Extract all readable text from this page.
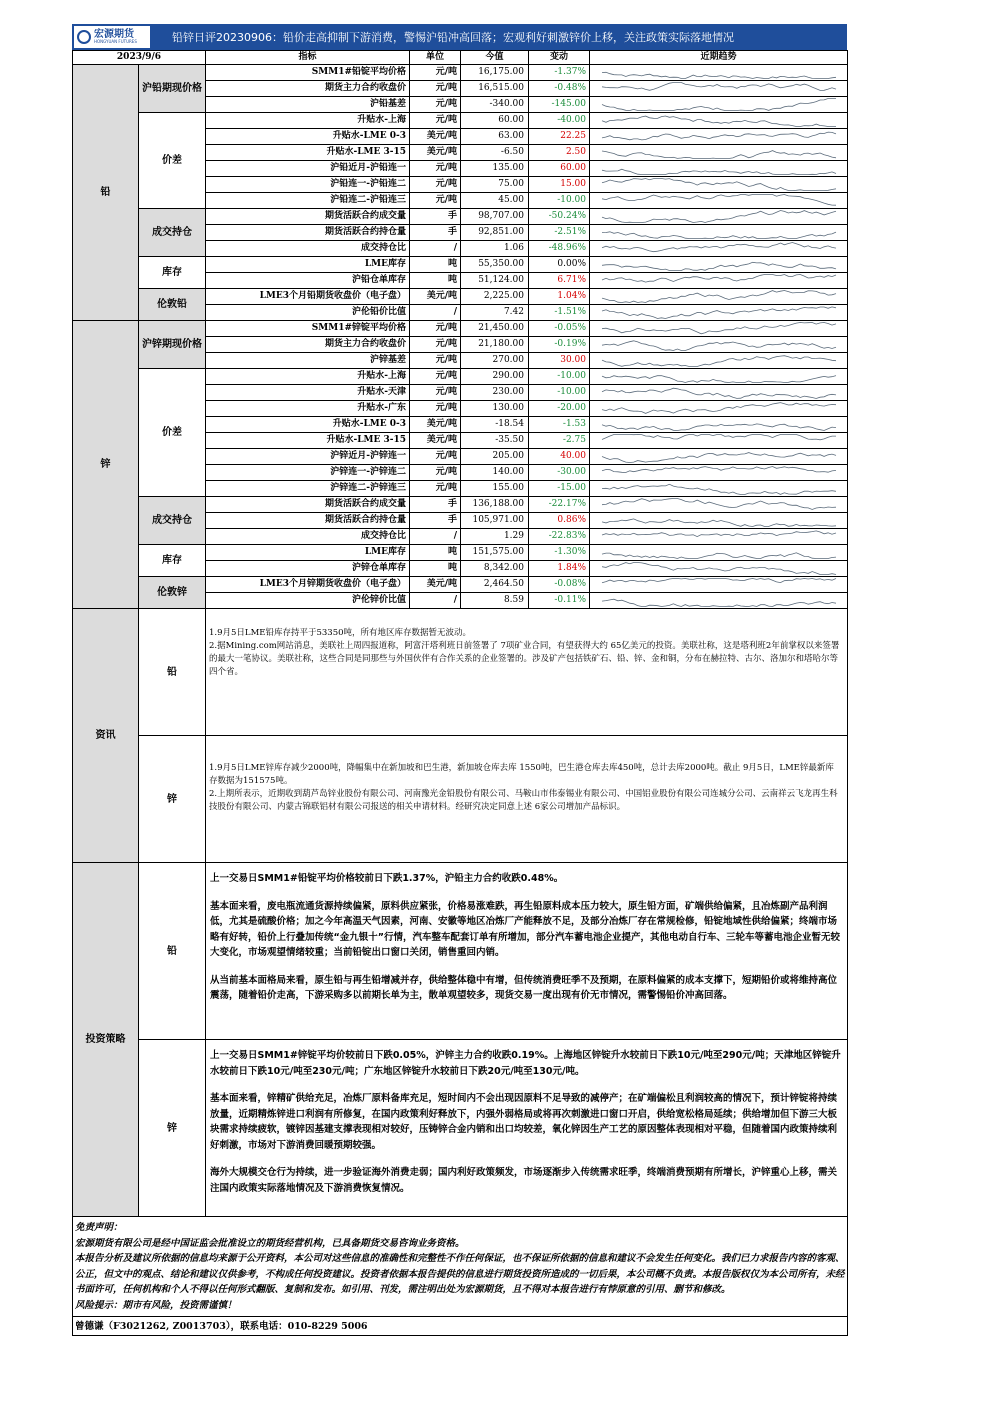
宏源期货
HONGYUAN FUTURES	铅锌日评20230906：铅价走高抑制下游消费，警惕沪铅冲高回落；宏观利好刺激锌价上移，关注政策实际落地情况
2023/9/6		指标	单位	今值	变动	近期趋势
铅	沪铅期现价格	SMM1#铅锭平均价格	元/吨	16,175.00	-1.37%	

		期货主力合约收盘价	元/吨	16,515.00	-0.48%	

		沪铅基差	元/吨	-340.00	-145.00	

	价差	升贴水-上海	元/吨	60.00	-40.00	

		升贴水-LME 0-3	美元/吨	63.00	22.25	

		升贴水-LME 3-15	美元/吨	-6.50	2.50	

		沪铅近月-沪铅连一	元/吨	135.00	60.00	

		沪铅连一-沪铅连二	元/吨	75.00	15.00	

		沪铅连二-沪铅连三	元/吨	45.00	-10.00	

	成交持仓	期货活跃合约成交量	手	98,707.00	-50.24%	

		期货活跃合约持仓量	手	92,851.00	-2.51%	

		成交持仓比	/	1.06	-48.96%	

	库存	LME库存	吨	55,350.00	0.00%	

		沪铅仓单库存	吨	51,124.00	6.71%	

	伦敦铅	LME3个月铅期货收盘价（电子盘）	美元/吨	2,225.00	1.04%	

		沪伦铅价比值	/	7.42	-1.51%	

锌	沪锌期现价格	SMM1#锌锭平均价格	元/吨	21,450.00	-0.05%	

		期货主力合约收盘价	元/吨	21,180.00	-0.19%	

		沪锌基差	元/吨	270.00	30.00	

	价差	升贴水-上海	元/吨	290.00	-10.00	

		升贴水-天津	元/吨	230.00	-10.00	

		升贴水-广东	元/吨	130.00	-20.00	

		升贴水-LME 0-3	美元/吨	-18.54	-1.53	

		升贴水-LME 3-15	美元/吨	-35.50	-2.75	

		沪锌近月-沪锌连一	元/吨	205.00	40.00	

		沪锌连一-沪锌连二	元/吨	140.00	-30.00	

		沪锌连二-沪锌连三	元/吨	155.00	-15.00	

	成交持仓	期货活跃合约成交量	手	136,188.00	-22.17%	

		期货活跃合约持仓量	手	105,971.00	0.86%	

		成交持仓比	/	1.29	-22.83%	

	库存	LME库存	吨	151,575.00	-1.30%	

		沪锌仓单库存	吨	8,342.00	1.84%	

	伦敦锌	LME3个月锌期货收盘价（电子盘）	美元/吨	2,464.50	-0.08%	

		沪伦锌价比值	/	8.59	-0.11%	

资讯	铅	1.9月5日LME铅库存持平于53350吨，所有地区库存数据暂无波动。

2.据Mining.com网站消息，美联社上周四报道称，阿富汗塔利班日前签署了 7项矿业合同，有望获得大约 65亿美元的投资。美联社称，这是塔利班2年前掌权以来签署的最大一笔协议。美联社称，这些合同是同那些与外国伙伴有合作关系的企业签署的。涉及矿产包括铁矿石、铅、锌、金和铜，分布在赫拉特、古尔、洛加尔和塔哈尔等四个省。				

	锌	1.9月5日LME锌库存减少2000吨，降幅集中在新加坡和巴生港，新加坡仓库去库 1550吨，巴生港仓库去库450吨，总计去库2000吨。截止 9月5日，LME锌最新库存数据为151575吨。

2.上期所表示，近期收到葫芦岛锌业股份有限公司、河南豫光金铅股份有限公司、马鞍山市伟泰锡业有限公司、中国铝业股份有限公司连城分公司、云南祥云飞龙再生科技股份有限公司、内蒙古锦联铝材有限公司报送的相关申请材料。经研究决定同意上述 6家公司增加产品标识。				

投资策略	铅	上一交易日SMM1#铅锭平均价格较前日下跌1.37%，沪铅主力合约收跌0.48%。

基本面来看，废电瓶流通货源持续偏紧，原料供应紧张，价格易涨难跌，再生铅原料成本压力较大，原生铅方面，矿端供给偏紧，且冶炼副产品利润低，尤其是硫酸价格；加之今年高温天气因素，河南、安徽等地区冶炼厂产能释放不足，及部分冶炼厂存在常规检修，铅锭地域性供给偏紧；终端市场略有好转，铅价上行叠加传统“金九银十”行情，汽车整车配套订单有所增加，部分汽车蓄电池企业提产，其他电动自行车、三轮车等蓄电池企业暂无较大变化，市场观望情绪较重；当前铅锭出口窗口关闭，销售重回内销。

从当前基本面格局来看，原生铅与再生铅增减并存，供给整体稳中有增，但传统消费旺季不及预期，在原料偏紧的成本支撑下，短期铅价或将维持高位震荡，随着铅价走高，下游采购多以前期长单为主，散单观望较多，现货交易一度出现有价无市情况，需警惕铅价冲高回落。				

	锌	上一交易日SMM1#锌锭平均价较前日下跌0.05%，沪锌主力合约收跌0.19%。上海地区锌锭升水较前日下跌10元/吨至290元/吨；天津地区锌锭升水较前日下跌10元/吨至230元/吨；广东地区锌锭升水较前日下跌20元/吨至130元/吨。

基本面来看，锌精矿供给充足，冶炼厂原料备库充足，短时间内不会出现因原料不足导致的减停产；在矿端偏松且利润较高的情况下，预计锌锭将持续放量，近期精炼锌进口利润有所修复，在国内政策利好释放下，内强外弱格局或将再次刺激进口窗口开启，供给宽松格局延续；供给增加但下游三大板块需求持续疲软，镀锌因基建支撑表现相对较好，压铸锌合金内销和出口均较差，氧化锌因生产工艺的原因整体表现相对平稳，但随着国内政策持续利好刺激，市场对下游消费回暖预期较强。

海外大规模交仓行为持续，进一步验证海外消费走弱；国内利好政策频发，市场逐渐步入传统需求旺季，终端消费预期有所增长，沪锌重心上移，需关注国内政策实际落地情况及下游消费恢复情况。				

免责声明：
宏源期货有限公司是经中国证监会批准设立的期货经营机构，已具备期货交易咨询业务资格。
本报告分析及建议所依据的信息均来源于公开资料，本公司对这些信息的准确性和完整性不作任何保证，也不保证所依据的信息和建议不会发生任何变化。我们已力求报告内容的客观、公正，但文中的观点、结论和建议仅供参考，不构成任何投资建议。投资者依据本报告提供的信息进行期货投资所造成的一切后果，本公司概不负责。本报告版权仅为本公司所有，未经书面许可，任何机构和个人不得以任何形式翻版、复制和发布。如引用、刊发，需注明出处为宏源期货，且不得对本报告进行有悖原意的引用、删节和修改。
风险提示：期市有风险，投资需谨慎！						

曾德谦（F3021262, Z0013703），联系电话：010-8229 5006						
